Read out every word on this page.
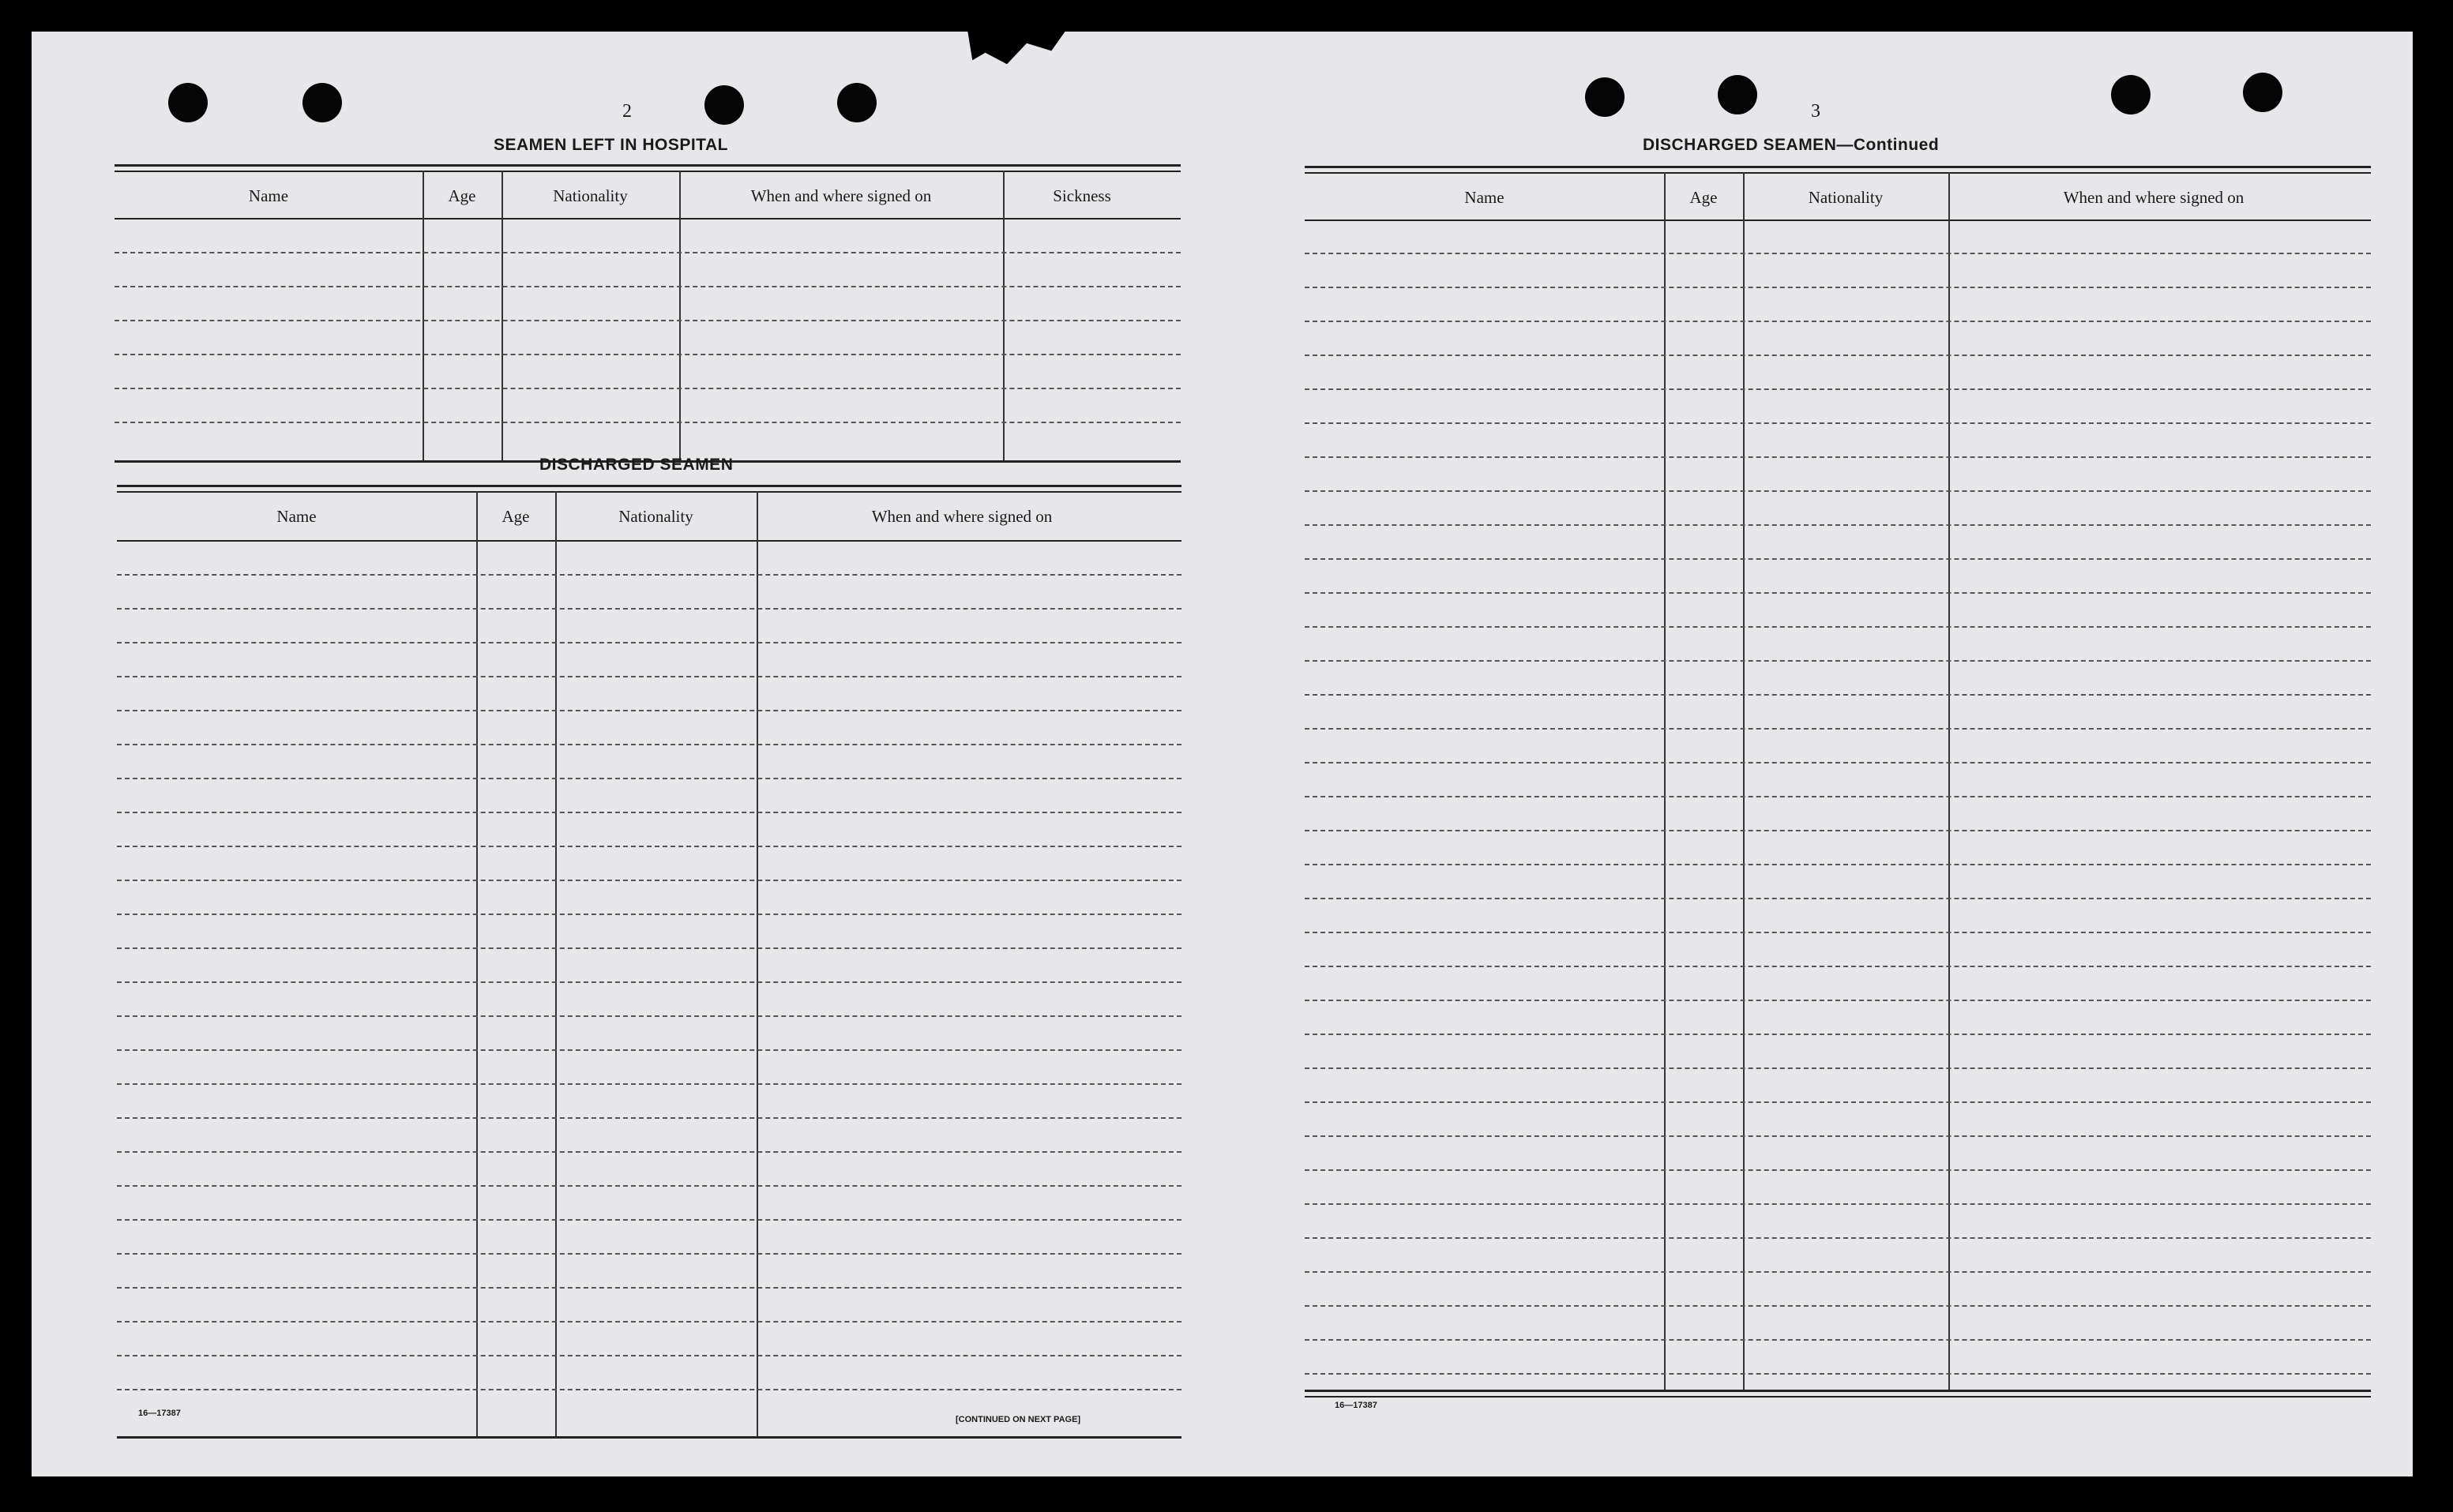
2
SEAMEN LEFT IN HOSPITAL
Name	Age	Nationality	When and where signed on	Sickness
DISCHARGED SEAMEN
Name	Age	Nationality	When and where signed on
16—17387
[CONTINUED ON NEXT PAGE]
3
DISCHARGED SEAMEN—Continued
Name	Age	Nationality	When and where signed on
16—17387
